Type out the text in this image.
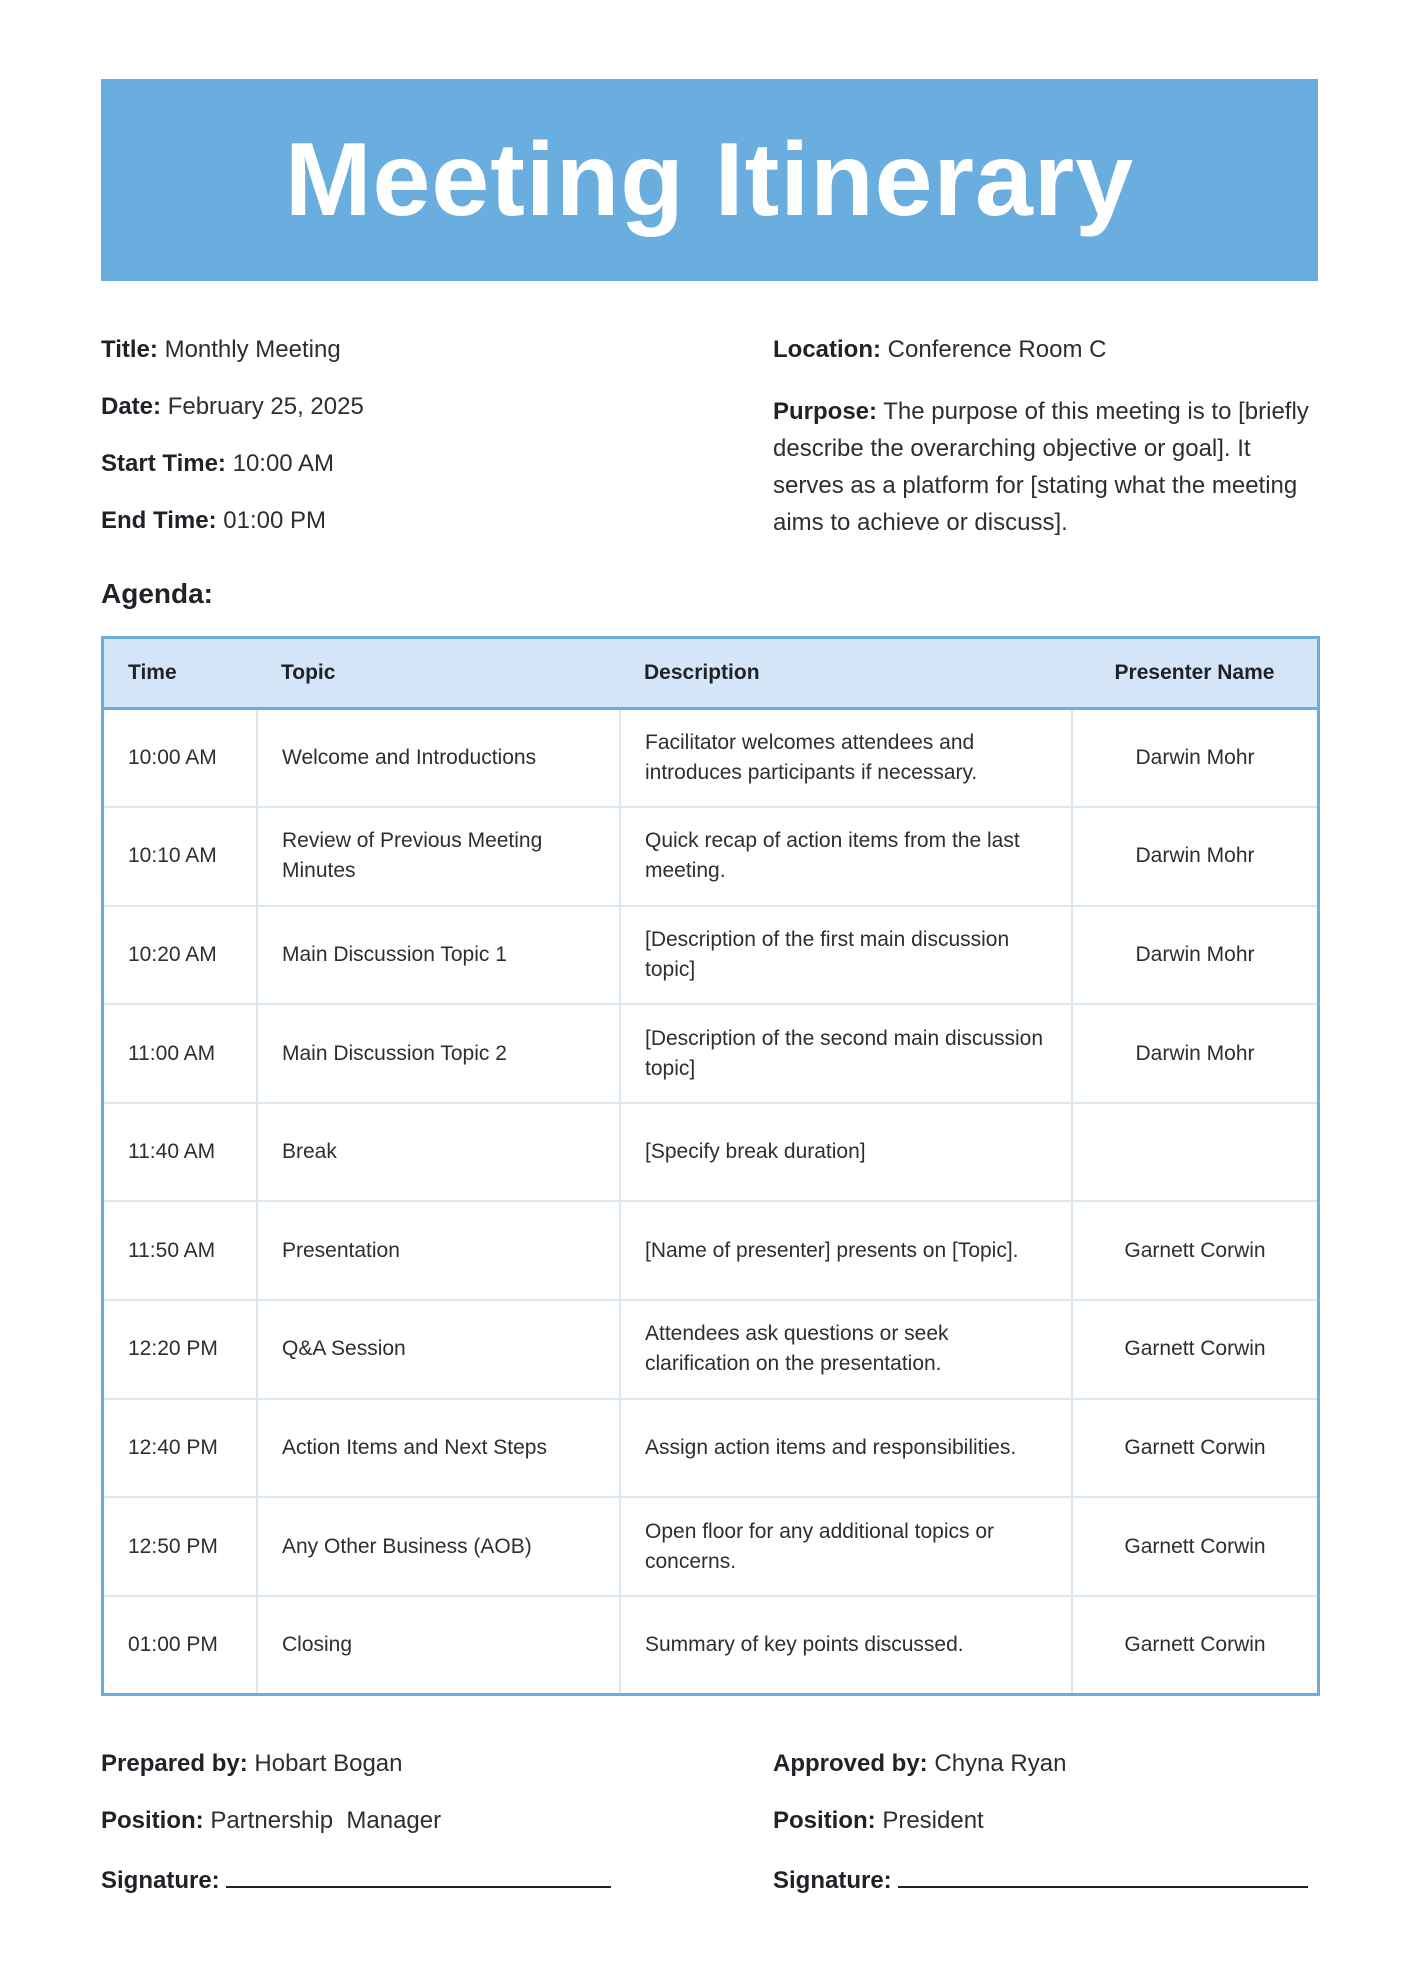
Meeting Itinerary
Title: Monthly Meeting
Date: February 25, 2025
Start Time: 10:00 AM
End Time: 01:00 PM
Location: Conference Room C
Purpose: The purpose of this meeting is to [briefly describe the overarching objective or goal]. It serves as a platform for [stating what the meeting aims to achieve or discuss].
Agenda:
Time	Topic	Description	Presenter Name
10:00 AM	Welcome and Introductions	Facilitator welcomes attendees and introduces participants if necessary.	Darwin Mohr
10:10 AM	Review of Previous Meeting Minutes	Quick recap of action items from the last meeting.	Darwin Mohr
10:20 AM	Main Discussion Topic 1	[Description of the first main discussion topic]	Darwin Mohr
11:00 AM	Main Discussion Topic 2	[Description of the second main discussion topic]	Darwin Mohr
11:40 AM	Break	[Specify break duration]	
11:50 AM	Presentation	[Name of presenter] presents on [Topic].	Garnett Corwin
12:20 PM	Q&A Session	Attendees ask questions or seek clarification on the presentation.	Garnett Corwin
12:40 PM	Action Items and Next Steps	Assign action items and responsibilities.	Garnett Corwin
12:50 PM	Any Other Business (AOB)	Open floor for any additional topics or concerns.	Garnett Corwin
01:00 PM	Closing	Summary of key points discussed.	Garnett Corwin
Prepared by: Hobart Bogan
Position: Partnership  Manager
Signature:
Approved by: Chyna Ryan
Position: President
Signature:
